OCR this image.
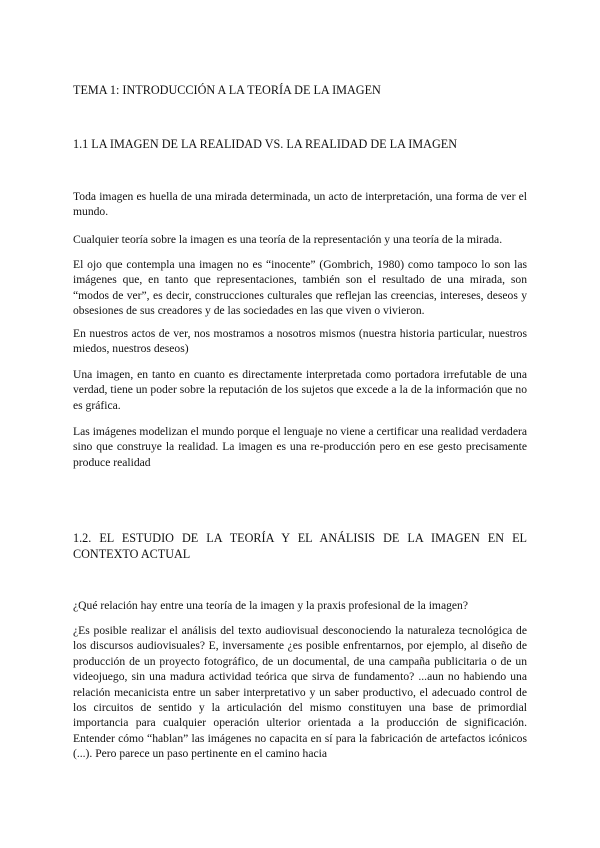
TEMA 1: INTRODUCCIÓN A LA TEORÍA DE LA IMAGEN
1.1 LA IMAGEN DE LA REALIDAD VS. LA REALIDAD DE LA IMAGEN

Toda imagen es huella de una mirada determinada, un acto de interpretación, una forma de ver el mundo.

Cualquier teoría sobre la imagen es una teoría de la representación y una teoría de la mirada.

El ojo que contempla una imagen no es “inocente” (Gombrich, 1980) como tampoco lo son las imágenes que, en tanto que representaciones, también son el resultado de una mirada, son “modos de ver”, es decir, construcciones culturales que reflejan las creencias, intereses, deseos y obsesiones de sus creadores y de las sociedades en las que viven o vivieron.

En nuestros actos de ver, nos mostramos a nosotros mismos (nuestra historia particular, nuestros miedos, nuestros deseos)

Una imagen, en tanto en cuanto es directamente interpretada como portadora irrefutable de una verdad, tiene un poder sobre la reputación de los sujetos que excede a la de la información que no es gráfica.

Las imágenes modelizan el mundo porque el lenguaje no viene a certificar una realidad verdadera sino que construye la realidad. La imagen es una re-producción pero en ese gesto precisamente produce realidad

1.2. EL ESTUDIO DE LA TEORÍA Y EL ANÁLISIS DE LA IMAGEN EN EL CONTEXTO ACTUAL

¿Qué relación hay entre una teoría de la imagen y la praxis profesional de la imagen?

¿Es posible realizar el análisis del texto audiovisual desconociendo la naturaleza tecnológica de los discursos audiovisuales? E, inversamente ¿es posible enfrentarnos, por ejemplo, al diseño de producción de un proyecto fotográfico, de un documental, de una campaña publicitaria o de un videojuego, sin una madura actividad teórica que sirva de fundamento? ...aun no habiendo una relación mecanicista entre un saber interpretativo y un saber productivo, el adecuado control de los circuitos de sentido y la articulación del mismo constituyen una base de primordial importancia para cualquier operación ulterior orientada a la producción de significación. Entender cómo “hablan” las imágenes no capacita en sí para la fabricación de artefactos icónicos (...). Pero parece un paso pertinente en el camino hacia
